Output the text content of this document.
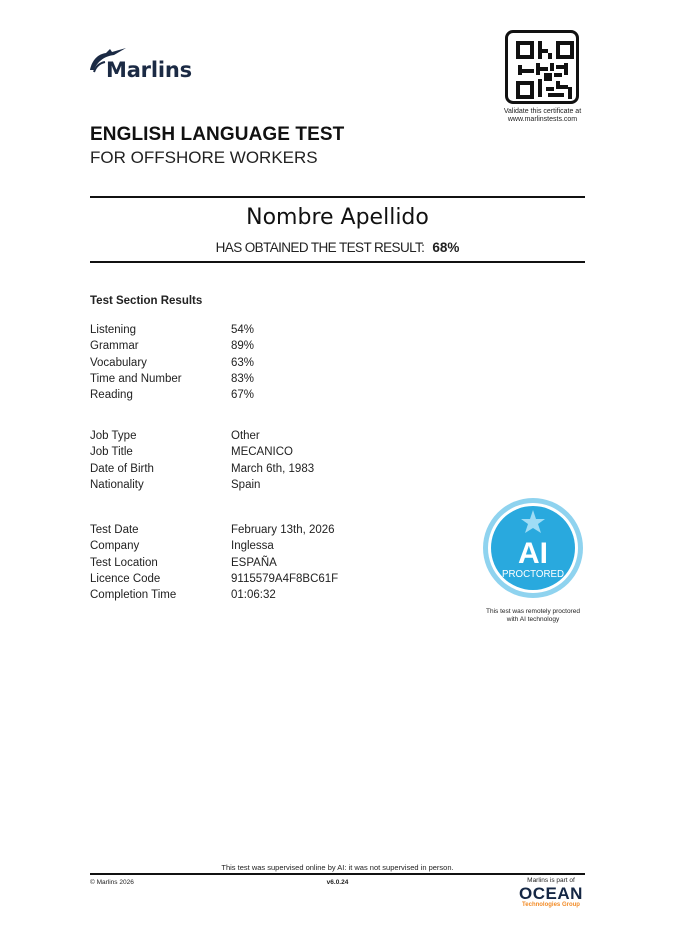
Marlins
Validate this certificate at
www.marlinstests.com
ENGLISH LANGUAGE TEST
FOR OFFSHORE WORKERS
Nombre Apellido
HAS OBTAINED THE TEST RESULT: 68%
Test Section Results
Listening	54%
Grammar	89%
Vocabulary	63%
Time and Number	83%
Reading	67%
Job Type	Other
Job Title	MECANICO
Date of Birth	March 6th, 1983
Nationality	Spain
Test Date	February 13th, 2026
Company	Inglessa
Test Location	ESPAÑA
Licence Code	9115579A4F8BC61F
Completion Time	01:06:32
AI
PROCTORED
This test was remotely proctored
with AI technology
This test was supervised online by AI: it was not supervised in person.
© Marlins 2026	v6.0.24	Marlins is part of
OCEAN
Technologies Group
